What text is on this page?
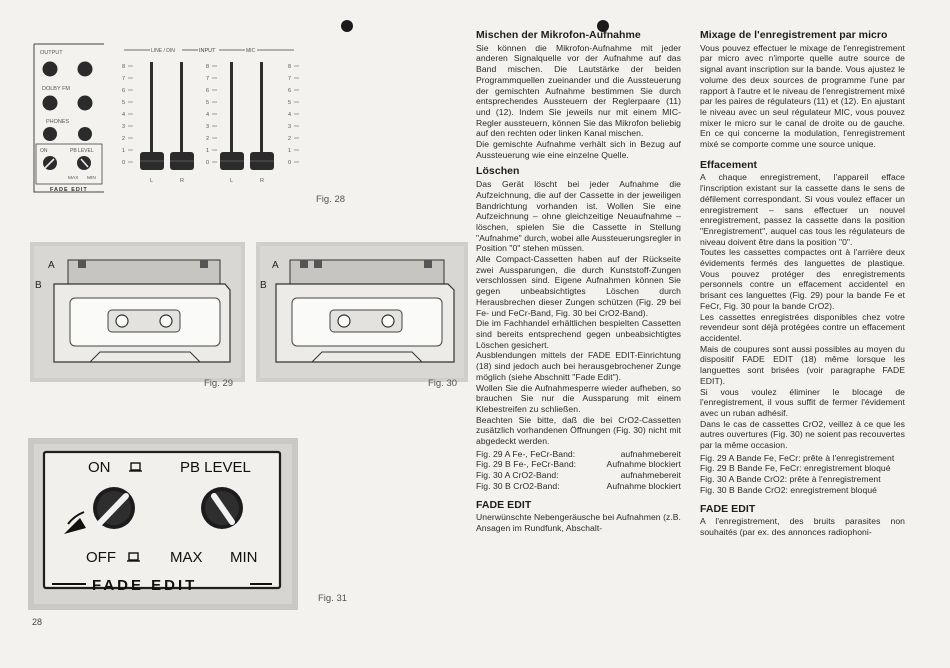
OUTPUT
DOLBY FM
PHONES
ON	PB LEVEL
MAX MIN
FADE EDIT
LINE / DIN	INPUT	MIC
8
7
6
5
4
3
2
1
0
8
7
6
5
4
3
2
1
0
8
7
6
5
4
3
2
1
0
L	R	L	R
Fig. 28
A
B
Fig. 29
A
B
Fig. 30
ON	PB LEVEL
OFF	MAX MIN
FADE EDIT
Fig. 31
28
Mischen der Mikrofon-Aufnahme

Sie können die Mikrofon-Aufnahme mit jeder anderen Signalquelle vor der Aufnahme auf das Band mischen. Die Lautstärke der beiden Programmquellen zueinander und die Aussteuerung der gemischten Aufnahme bestimmen Sie durch entsprechendes Aussteuern der Reglerpaare (11) und (12). Indem Sie jeweils nur mit einem MIC-Regler aussteuern, können Sie das Mikrofon beliebig auf den rechten oder linken Kanal mischen.

Die gemischte Aufnahme verhält sich in Bezug auf Aussteuerung wie eine einzelne Quelle.

Löschen

Das Gerät löscht bei jeder Aufnahme die Aufzeichnung, die auf der Cassette in der jeweiligen Bandrichtung vorhanden ist. Wollen Sie eine Aufzeichnung – ohne gleichzeitige Neuaufnahme – löschen, spielen Sie die Cassette in Stellung "Aufnahme" durch, wobei alle Aussteuerungsregler in Position "0" stehen müssen.

Alle Compact-Cassetten haben auf der Rückseite zwei Aussparungen, die durch Kunststoff-Zungen verschlossen sind. Eigene Aufnahmen können Sie gegen unbeabsichtigtes Löschen durch Herausbrechen dieser Zungen schützen (Fig. 29 bei Fe- und FeCr-Band, Fig. 30 bei CrO2-Band).

Die im Fachhandel erhältlichen bespielten Cassetten sind bereits entsprechend gegen unbeabsichtigtes Löschen gesichert.

Ausblendungen mittels der FADE EDIT-Einrichtung (18) sind jedoch auch bei herausgebrochener Zunge möglich (siehe Abschnitt "Fade Edit").

Wollen Sie die Aufnahmesperre wieder aufheben, so brauchen Sie nur die Aussparung mit einem Klebestreifen zu schließen.

Beachten Sie bitte, daß die bei CrO2-Cassetten zusätzlich vorhandenen Öffnungen (Fig. 30) nicht mit abgedeckt werden.

Fig. 29 A Fe-, FeCr-Band:	aufnahmebereit
Fig. 29 B Fe-, FeCr-Band:	Aufnahme blockiert
Fig. 30 A CrO2-Band:	aufnahmebereit
Fig. 30 B CrO2-Band:	Aufnahme blockiert
FADE EDIT

Unerwünschte Nebengeräusche bei Aufnahmen (z.B. Ansagen im Rundfunk, Abschalt-

Mixage de l'enregistrement par micro

Vous pouvez effectuer le mixage de l'enregistrement par micro avec n'importe quelle autre source de signal avant inscription sur la bande. Vous ajustez le volume des deux sources de programme l'une par rapport à l'autre et le niveau de l'enregistrement mixé par les paires de régulateurs (11) et (12). En ajustant le niveau avec un seul régulateur MIC, vous pouvez mixer le micro sur le canal de droite ou de gauche. En ce qui concerne la modulation, l'enregistrement mixé se comporte comme une source unique.

Effacement

A chaque enregistrement, l'appareil efface l'inscription existant sur la cassette dans le sens de défilement correspondant. Si vous voulez effacer un enregistrement – sans effectuer un nouvel enregistrement, passez la cassette dans la position "Enregistrement", auquel cas tous les régulateurs de niveau doivent être dans la position "0".

Toutes les cassettes compactes ont à l'arrière deux évidements fermés des languettes de plastique. Vous pouvez protéger des enregistrements personnels contre un effacement accidentel en brisant ces languettes (Fig. 29) pour la bande Fe et FeCr, Fig. 30 pour la bande CrO2).

Les cassettes enregistrées disponibles chez votre revendeur sont déjà protégées contre un effacement accidentel.

Mais de coupures sont aussi possibles au moyen du dispositif FADE EDIT (18) même lorsque les languettes sont brisées (voir paragraphe FADE EDIT).

Si vous voulez éliminer le blocage de l'enregistrement, il vous suffit de fermer l'évidement avec un ruban adhésif.

Dans le cas de cassettes CrO2, veillez à ce que les autres ouvertures (Fig. 30) ne soient pas recouvertes par la même occasion.

Fig. 29 A Bande Fe, FeCr: prête à l'enregistrement
Fig. 29 B Bande Fe, FeCr: enregistrement bloqué
Fig. 30 A Bande CrO2: prête à l'enregistrement
Fig. 30 B Bande CrO2: enregistrement bloqué
FADE EDIT

A l'enregistrement, des bruits parasites non souhaités (par ex. des annonces radiophoni-
